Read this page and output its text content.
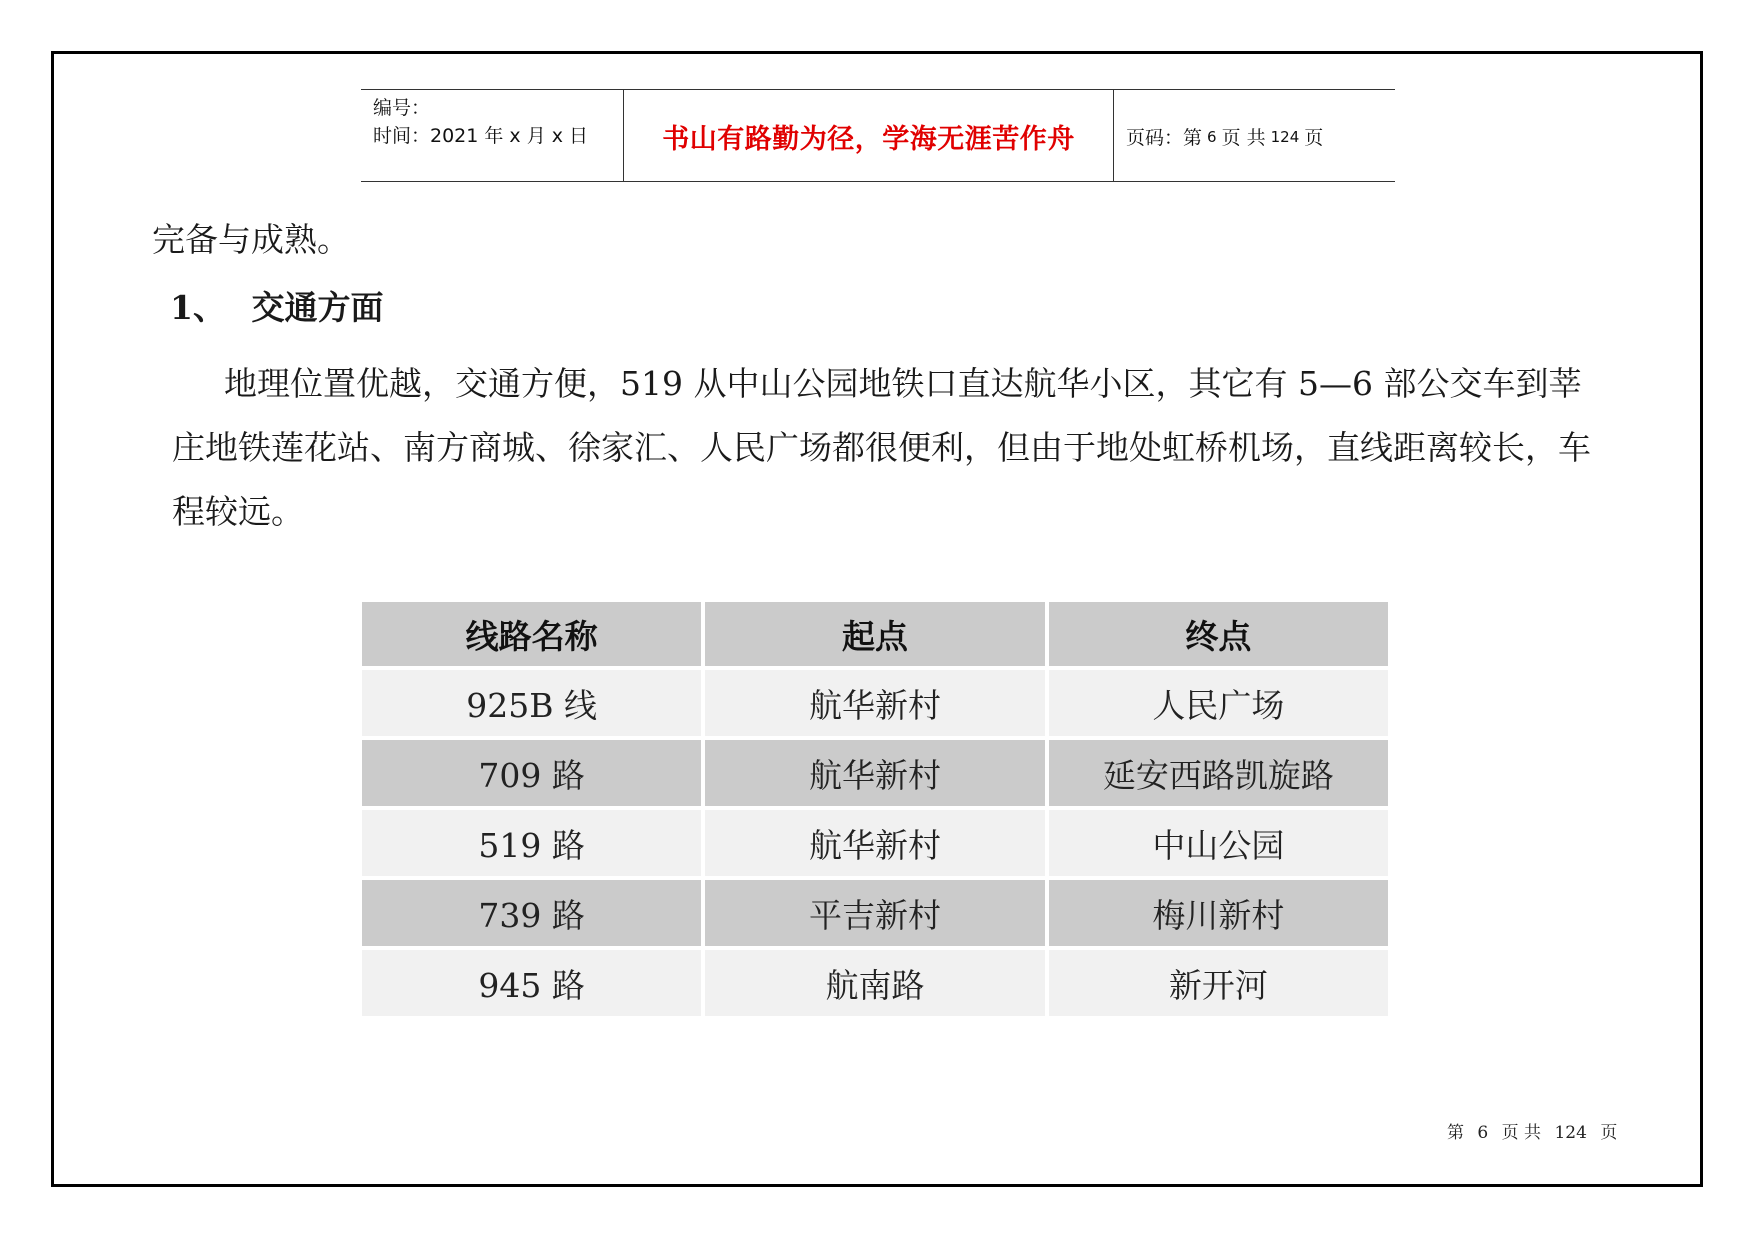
编号：
时间：2021 年 x 月 x 日	书山有路勤为径，学海无涯苦作舟	页码：第 6 页 共 124 页
完备与成熟。
1、 交通方面

地理位置优越，交通方便，519 从中山公园地铁口直达航华小区，其它有 5—6 部公交车到莘庄地铁莲花站、南方商城、徐家汇、人民广场都很便利，但由于地处虹桥机场，直线距离较长，车程较远。

线路名称	起点	终点
925B 线	航华新村	人民广场
709 路	航华新村	延安西路凯旋路
519 路	航华新村	中山公园
739 路	平吉新村	梅川新村
945 路	航南路	新开河
第 6 页 共 124 页
